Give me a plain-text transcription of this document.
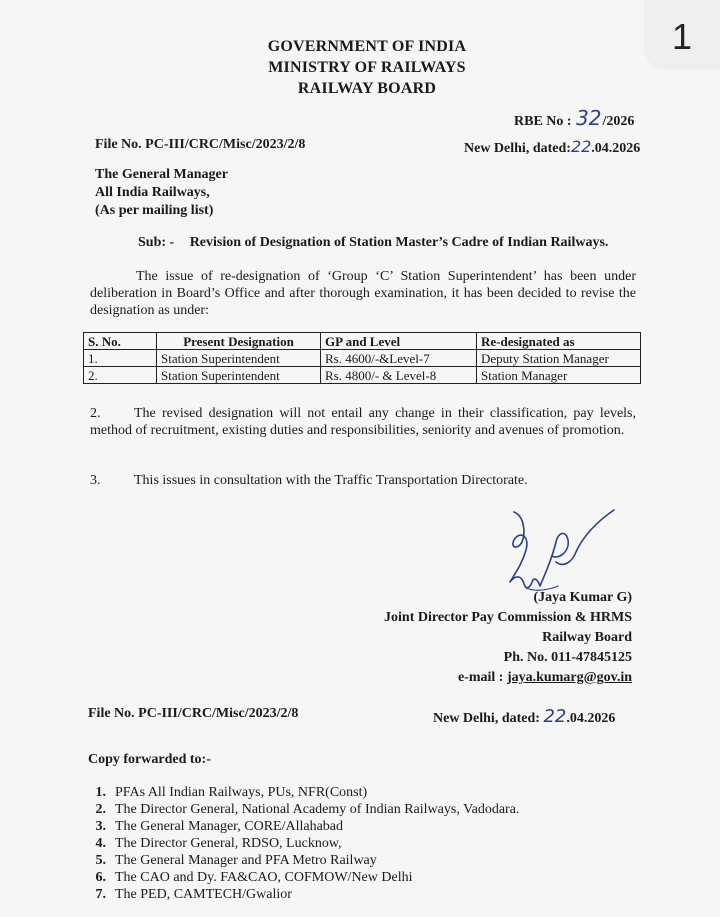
1
GOVERNMENT OF INDIA
MINISTRY OF RAILWAYS
RAILWAY BOARD
RBE No : 32/2026
File No. PC-III/CRC/Misc/2023/2/8	New Delhi, dated:22.04.2026
The General Manager
All India Railways,
(As per mailing list)
Sub: - Revision of Designation of Station Master’s Cadre of Indian Railways.
The issue of re-designation of ‘Group ‘C’ Station Superintendent’ has been under deliberation in Board’s Office and after thorough examination, it has been decided to revise the designation as under:
S. No.	Present Designation	GP and Level	Re-designated as
1.	Station Superintendent	Rs. 4600/-&Level-7	Deputy Station Manager
2.	Station Superintendent	Rs. 4800/- & Level-8	Station Manager
2. The revised designation will not entail any change in their classification, pay levels, method of recruitment, existing duties and responsibilities, seniority and avenues of promotion.
3. This issues in consultation with the Traffic Transportation Directorate.
(Jaya Kumar G)
Joint Director Pay Commission & HRMS
Railway Board
Ph. No. 011-47845125
e-mail : jaya.kumarg@gov.in
File No. PC-III/CRC/Misc/2023/2/8	New Delhi, dated: 22.04.2026
Copy forwarded to:-
1. PFAs All Indian Railways, PUs, NFR(Const)
2. The Director General, National Academy of Indian Railways, Vadodara.
3. The General Manager, CORE/Allahabad
4. The Director General, RDSO, Lucknow,
5. The General Manager and PFA Metro Railway
6. The CAO and Dy. FA&CAO, COFMOW/New Delhi
7. The PED, CAMTECH/Gwalior
